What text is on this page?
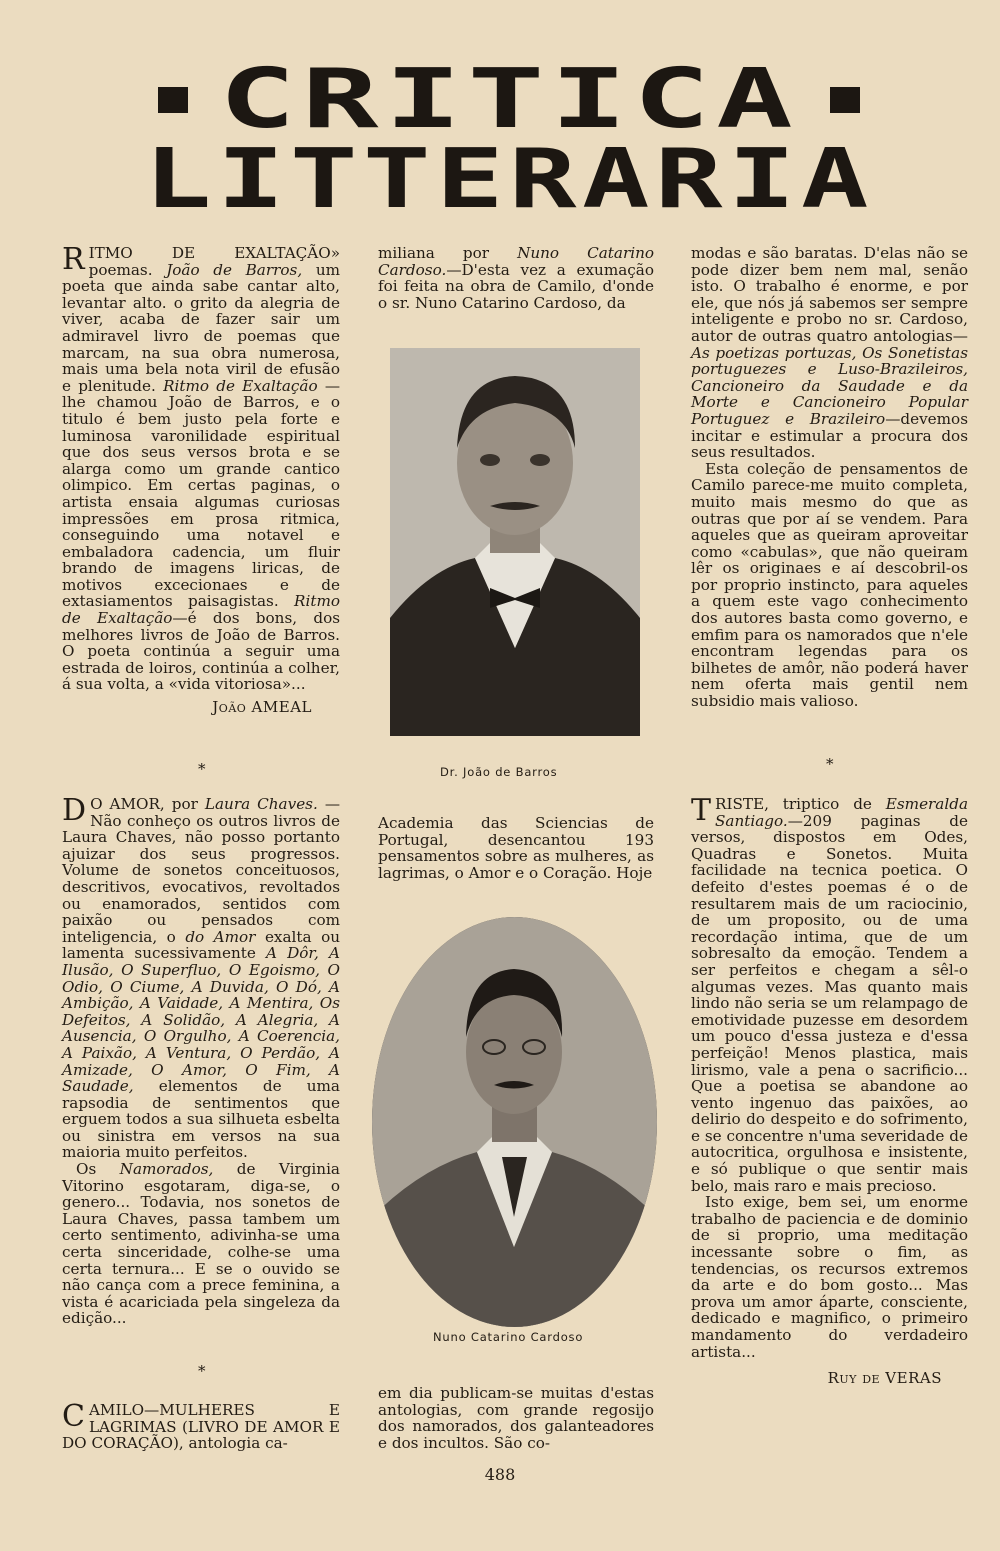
CRITICA
LITTERARIA

RITMO DE EXALTAÇÃO» poemas. João de Barros, um poeta que ainda sabe cantar alto, levantar alto. o grito da alegria de viver, acaba de fazer sair um admiravel livro de poemas que marcam, na sua obra numerosa, mais uma bela nota viril de efusão e plenitude. Ritmo de Exaltação — lhe chamou João de Barros, e o titulo é bem justo pela forte e luminosa varonilidade espiritual que dos seus versos brota e se alarga como um grande cantico olimpico. Em certas paginas, o artista ensaia algumas curiosas impressões em prosa ritmica, conseguindo uma notavel e embaladora cadencia, um fluir brando de imagens liricas, de motivos excecionaes e de extasiamentos paisagistas. Ritmo de Exaltação—é dos bons, dos melhores livros de João de Barros. O poeta continúa a seguir uma estrada de loiros, continúa a colher, á sua volta, a «vida vitoriosa»...

João AMEAL
*

miliana por Nuno Catarino Cardoso.—D'esta vez a exumação foi feita na obra de Camilo, d'onde o sr. Nuno Catarino Cardoso, da

Dr. João de Barros

modas e são baratas. D'elas não se pode dizer bem nem mal, senão isto. O trabalho é enorme, e por ele, que nós já sabemos ser sempre inteligente e probo no sr. Cardoso, autor de outras quatro antologias—As poetizas portuzas, Os Sonetistas portuguezes e Luso-Brazileiros, Cancioneiro da Saudade e da Morte e Cancioneiro Popular Portuguez e Brazileiro—devemos incitar e estimular a procura dos seus resultados.

Esta coleção de pensamentos de Camilo parece-me muito completa, muito mais mesmo do que as outras que por aí se vendem. Para aqueles que as queiram aproveitar como «cabulas», que não queiram lêr os originaes e aí descobril-os por proprio instincto, para aqueles a quem este vago conhecimento dos autores basta como governo, e emfim para os namorados que n'ele encontram legendas para os bilhetes de amôr, não poderá haver nem oferta mais gentil nem subsidio mais valioso.

*

D O AMOR, por Laura Chaves. —Não conheço os outros livros de Laura Chaves, não posso portanto ajuizar dos seus progressos. Volume de sonetos conceituosos, descritivos, evocativos, revoltados ou enamorados, sentidos com paixão ou pensados com inteligencia, o do Amor exalta ou lamenta sucessivamente A Dôr, A Ilusão, O Superfluo, O Egoismo, O Odio, O Ciume, A Duvida, O Dó, A Ambição, A Vaidade, A Mentira, Os Defeitos, A Solidão, A Alegria, A Ausencia, O Orgulho, A Coerencia, A Paixão, A Ventura, O Perdão, A Amizade, O Amor, O Fim, A Saudade, elementos de uma rapsodia de sentimentos que erguem todos a sua silhueta esbelta ou sinistra em versos na sua maioria muito perfeitos.

Os Namorados, de Virginia Vitorino esgotaram, diga-se, o genero... Todavia, nos sonetos de Laura Chaves, passa tambem um certo sentimento, adivinha-se uma certa sinceridade, colhe-se uma certa ternura... E se o ouvido se não cança com a prece feminina, a vista é acariciada pela singeleza da edição...

*

CAMILO—MULHERES E LAGRIMAS (LIVRO DE AMOR E DO CORAÇÃO), antologia ca-

Academia das Sciencias de Portugal, desencantou 193 pensamentos sobre as mulheres, as lagrimas, o Amor e o Coração. Hoje

Nuno Catarino Cardoso

em dia publicam-se muitas d'estas antologias, com grande regosijo dos namorados, dos galanteadores e dos incultos. São co-

TRISTE, triptico de Esmeralda Santiago.—209 paginas de versos, dispostos em Odes, Quadras e Sonetos. Muita facilidade na tecnica poetica. O defeito d'estes poemas é o de resultarem mais de um raciocinio, de um proposito, ou de uma recordação intima, que de um sobresalto da emoção. Tendem a ser perfeitos e chegam a sêl-o algumas vezes. Mas quanto mais lindo não seria se um relampago de emotividade puzesse em desordem um pouco d'essa justeza e d'essa perfeição! Menos plastica, mais lirismo, vale a pena o sacrificio... Que a poetisa se abandone ao vento ingenuo das paixões, ao delirio do despeito e do sofrimento, e se concentre n'uma severidade de autocritica, orgulhosa e insistente, e só publique o que sentir mais belo, mais raro e mais precioso.

Isto exige, bem sei, um enorme trabalho de paciencia e de dominio de si proprio, uma meditação incessante sobre o fim, as tendencias, os recursos extremos da arte e do bom gosto... Mas prova um amor áparte, consciente, dedicado e magnifico, o primeiro mandamento do verdadeiro artista...

Ruy de VERAS
488
